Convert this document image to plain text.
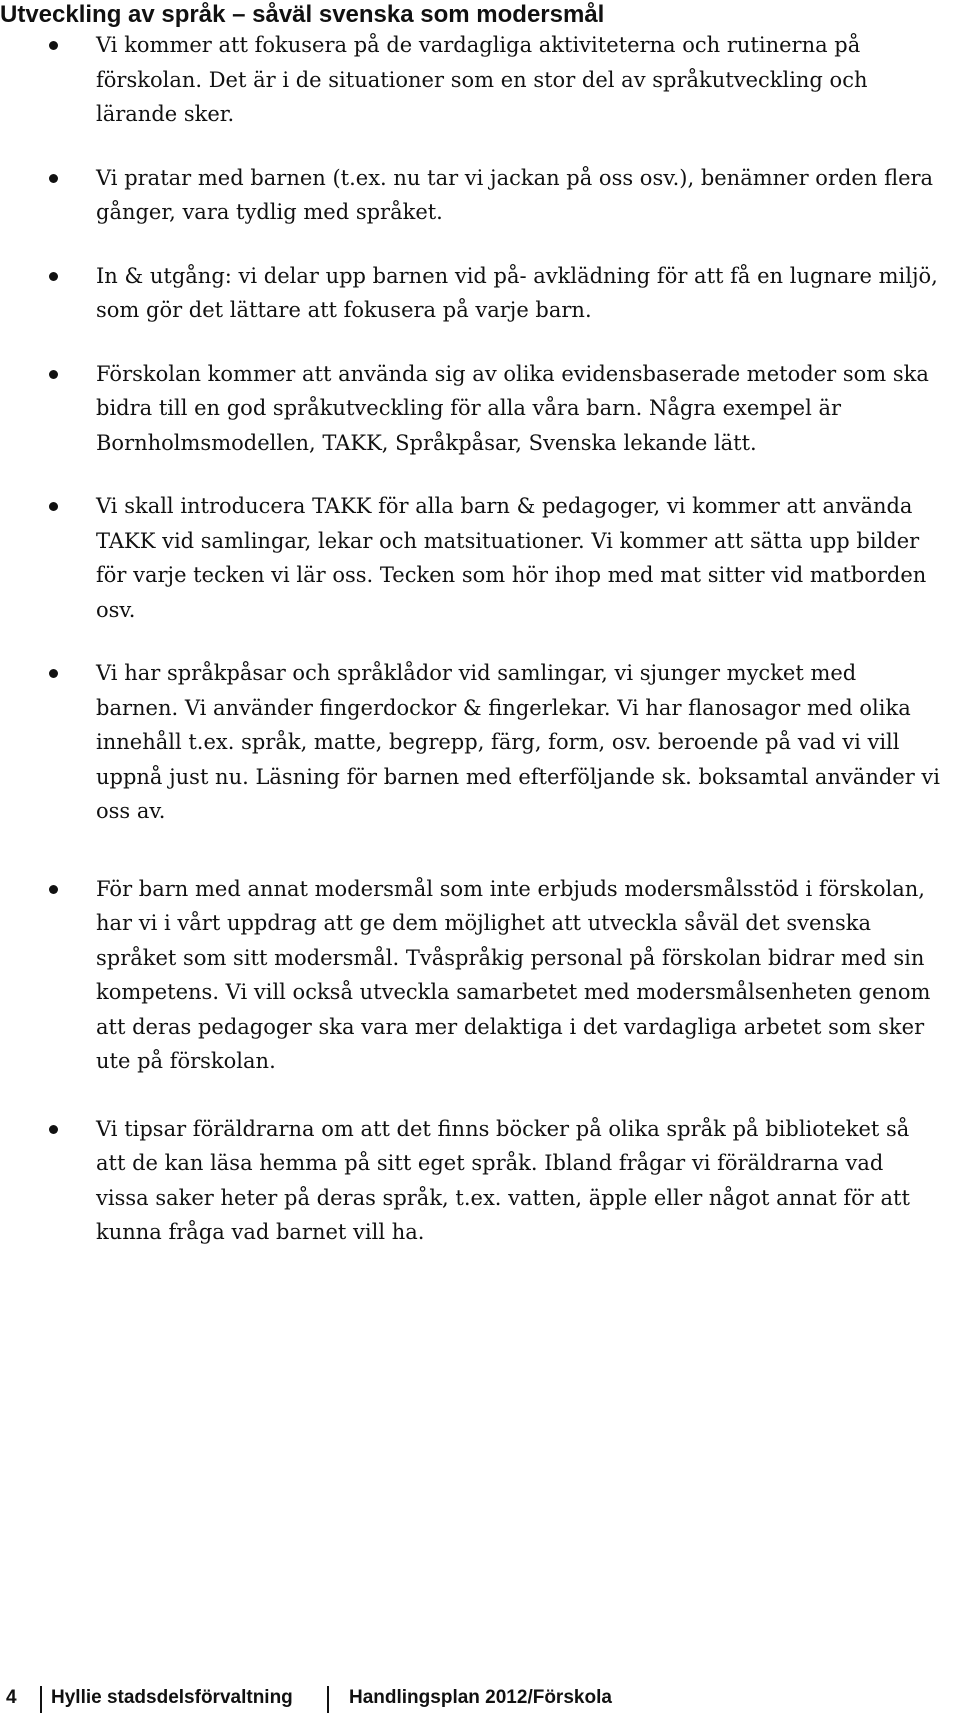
Utveckling av språk – såväl svenska som modersmål
Vi kommer att fokusera på de vardagliga aktiviteterna och rutinerna på förskolan. Det är i de situationer som en stor del av språkutveckling och lärande sker.
Vi pratar med barnen (t.ex. nu tar vi jackan på oss osv.), benämner orden flera gånger, vara tydlig med språket.
In & utgång: vi delar upp barnen vid på- avklädning för att få en lugnare miljö, som gör det lättare att fokusera på varje barn.
Förskolan kommer att använda sig av olika evidensbaserade metoder som ska bidra till en god språkutveckling för alla våra barn. Några exempel är Bornholmsmodellen, TAKK, Språkpåsar, Svenska lekande lätt.
Vi skall introducera TAKK för alla barn & pedagoger, vi kommer att använda TAKK vid samlingar, lekar och matsituationer. Vi kommer att sätta upp bilder för varje tecken vi lär oss. Tecken som hör ihop med mat sitter vid matborden osv.
Vi har språkpåsar och språklådor vid samlingar, vi sjunger mycket med barnen. Vi använder fingerdockor & fingerlekar. Vi har flanosagor med olika innehåll t.ex. språk, matte, begrepp, färg, form, osv. beroende på vad vi vill uppnå just nu. Läsning för barnen med efterföljande sk. boksamtal använder vi oss av.
För barn med annat modersmål som inte erbjuds modersmålsstöd i förskolan, har vi i vårt uppdrag att ge dem möjlighet att utveckla såväl det svenska språket som sitt modersmål. Tvåspråkig personal på förskolan bidrar med sin kompetens. Vi vill också utveckla samarbetet med modersmålsenheten genom att deras pedagoger ska vara mer delaktiga i det vardagliga arbetet som sker ute på förskolan.
Vi tipsar föräldrarna om att det finns böcker på olika språk på biblioteket så att de kan läsa hemma på sitt eget språk. Ibland frågar vi föräldrarna vad vissa saker heter på deras språk, t.ex. vatten, äpple eller något annat för att kunna fråga vad barnet vill ha.
4 Hyllie stadsdelsförvaltning	Handlingsplan 2012/Förskola
